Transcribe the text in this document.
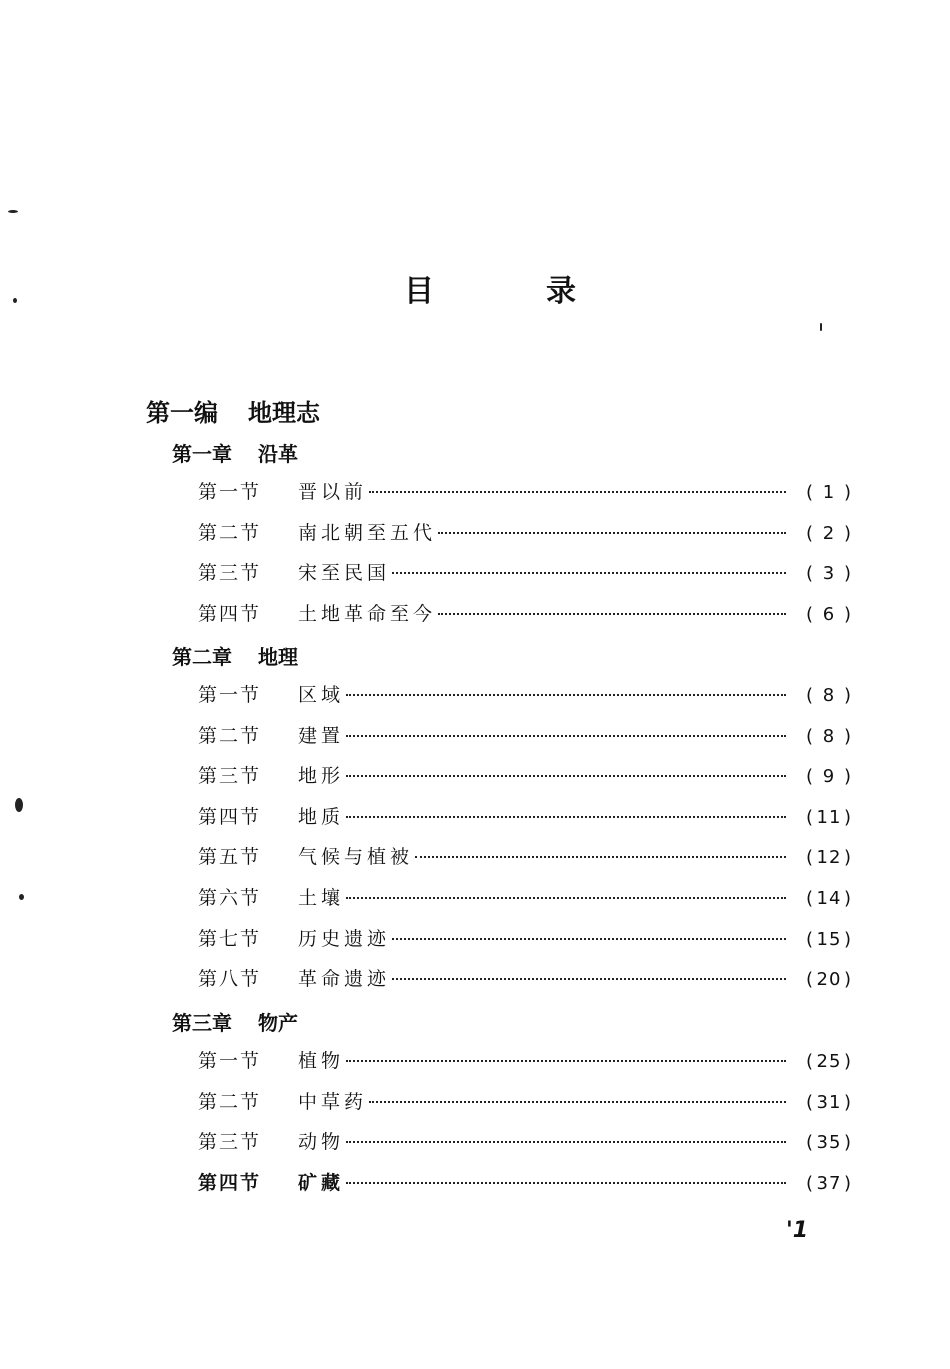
目	录
第一编 地理志
第一章 沿革
第一节	晋以前	( 1 )
第二节	南北朝至五代	( 2 )
第三节	宋至民国	( 3 )
第四节	土地革命至今	( 6 )
第二章 地理
第一节	区域	( 8 )
第二节	建置	( 8 )
第三节	地形	( 9 )
第四节	地质	( 11 )
第五节	气候与植被	( 12 )
第六节	土壤	( 14 )
第七节	历史遗迹	( 15 )
第八节	革命遗迹	( 20 )
第三章 物产
第一节	植物	( 25 )
第二节	中草药	( 31 )
第三节	动物	( 35 )
第四节	矿藏	( 37 )
'1
